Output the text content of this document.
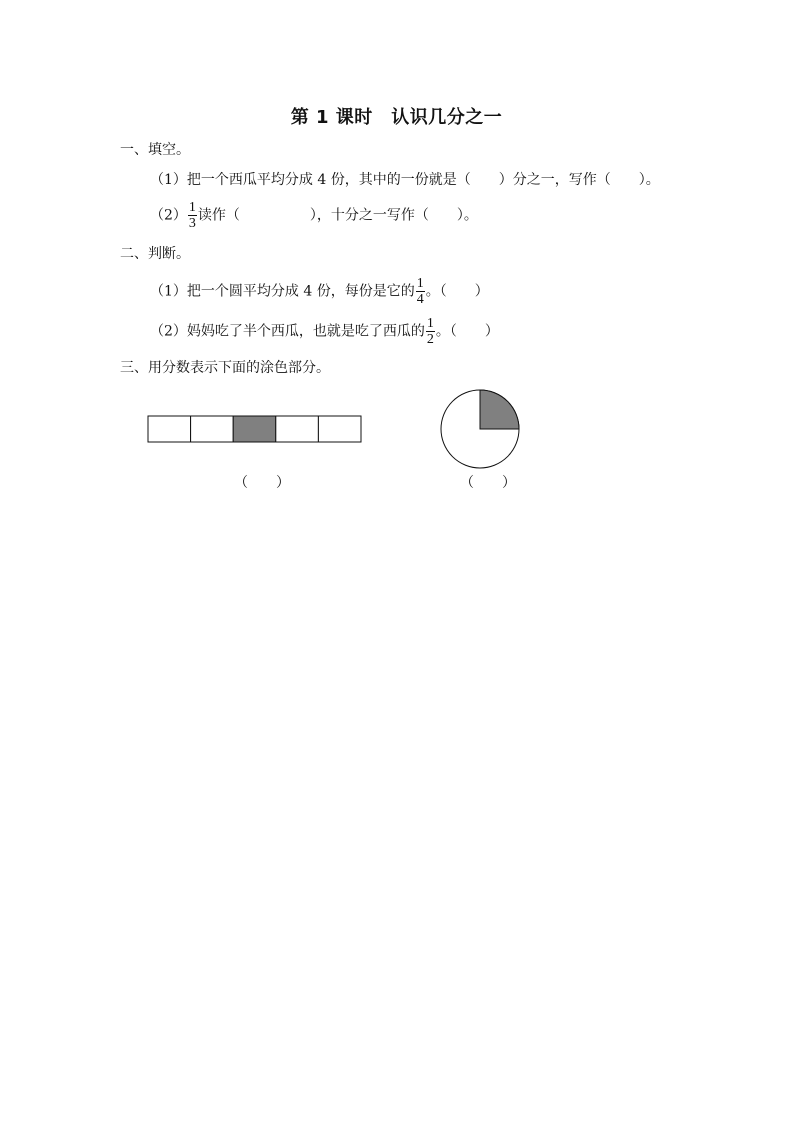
第 1 课时　认识几分之一
一、填空。
（1）把一个西瓜平均分成 4 份，其中的一份就是（　　）分之一，写作（　　）。
$(2) \frac{1}{3}$ 读作（　　　　　），十分之一写作（　　）。
二、判断。
（1）把一个圆平均分成 4 份，每份是它的 $\frac{1}{4}$ 。（　　）
（2）妈妈吃了半个西瓜，也就是吃了西瓜的 $\frac{1}{2}$ 。（　　）
三、用分数表示下面的涂色部分。
（　　）	（　　）
